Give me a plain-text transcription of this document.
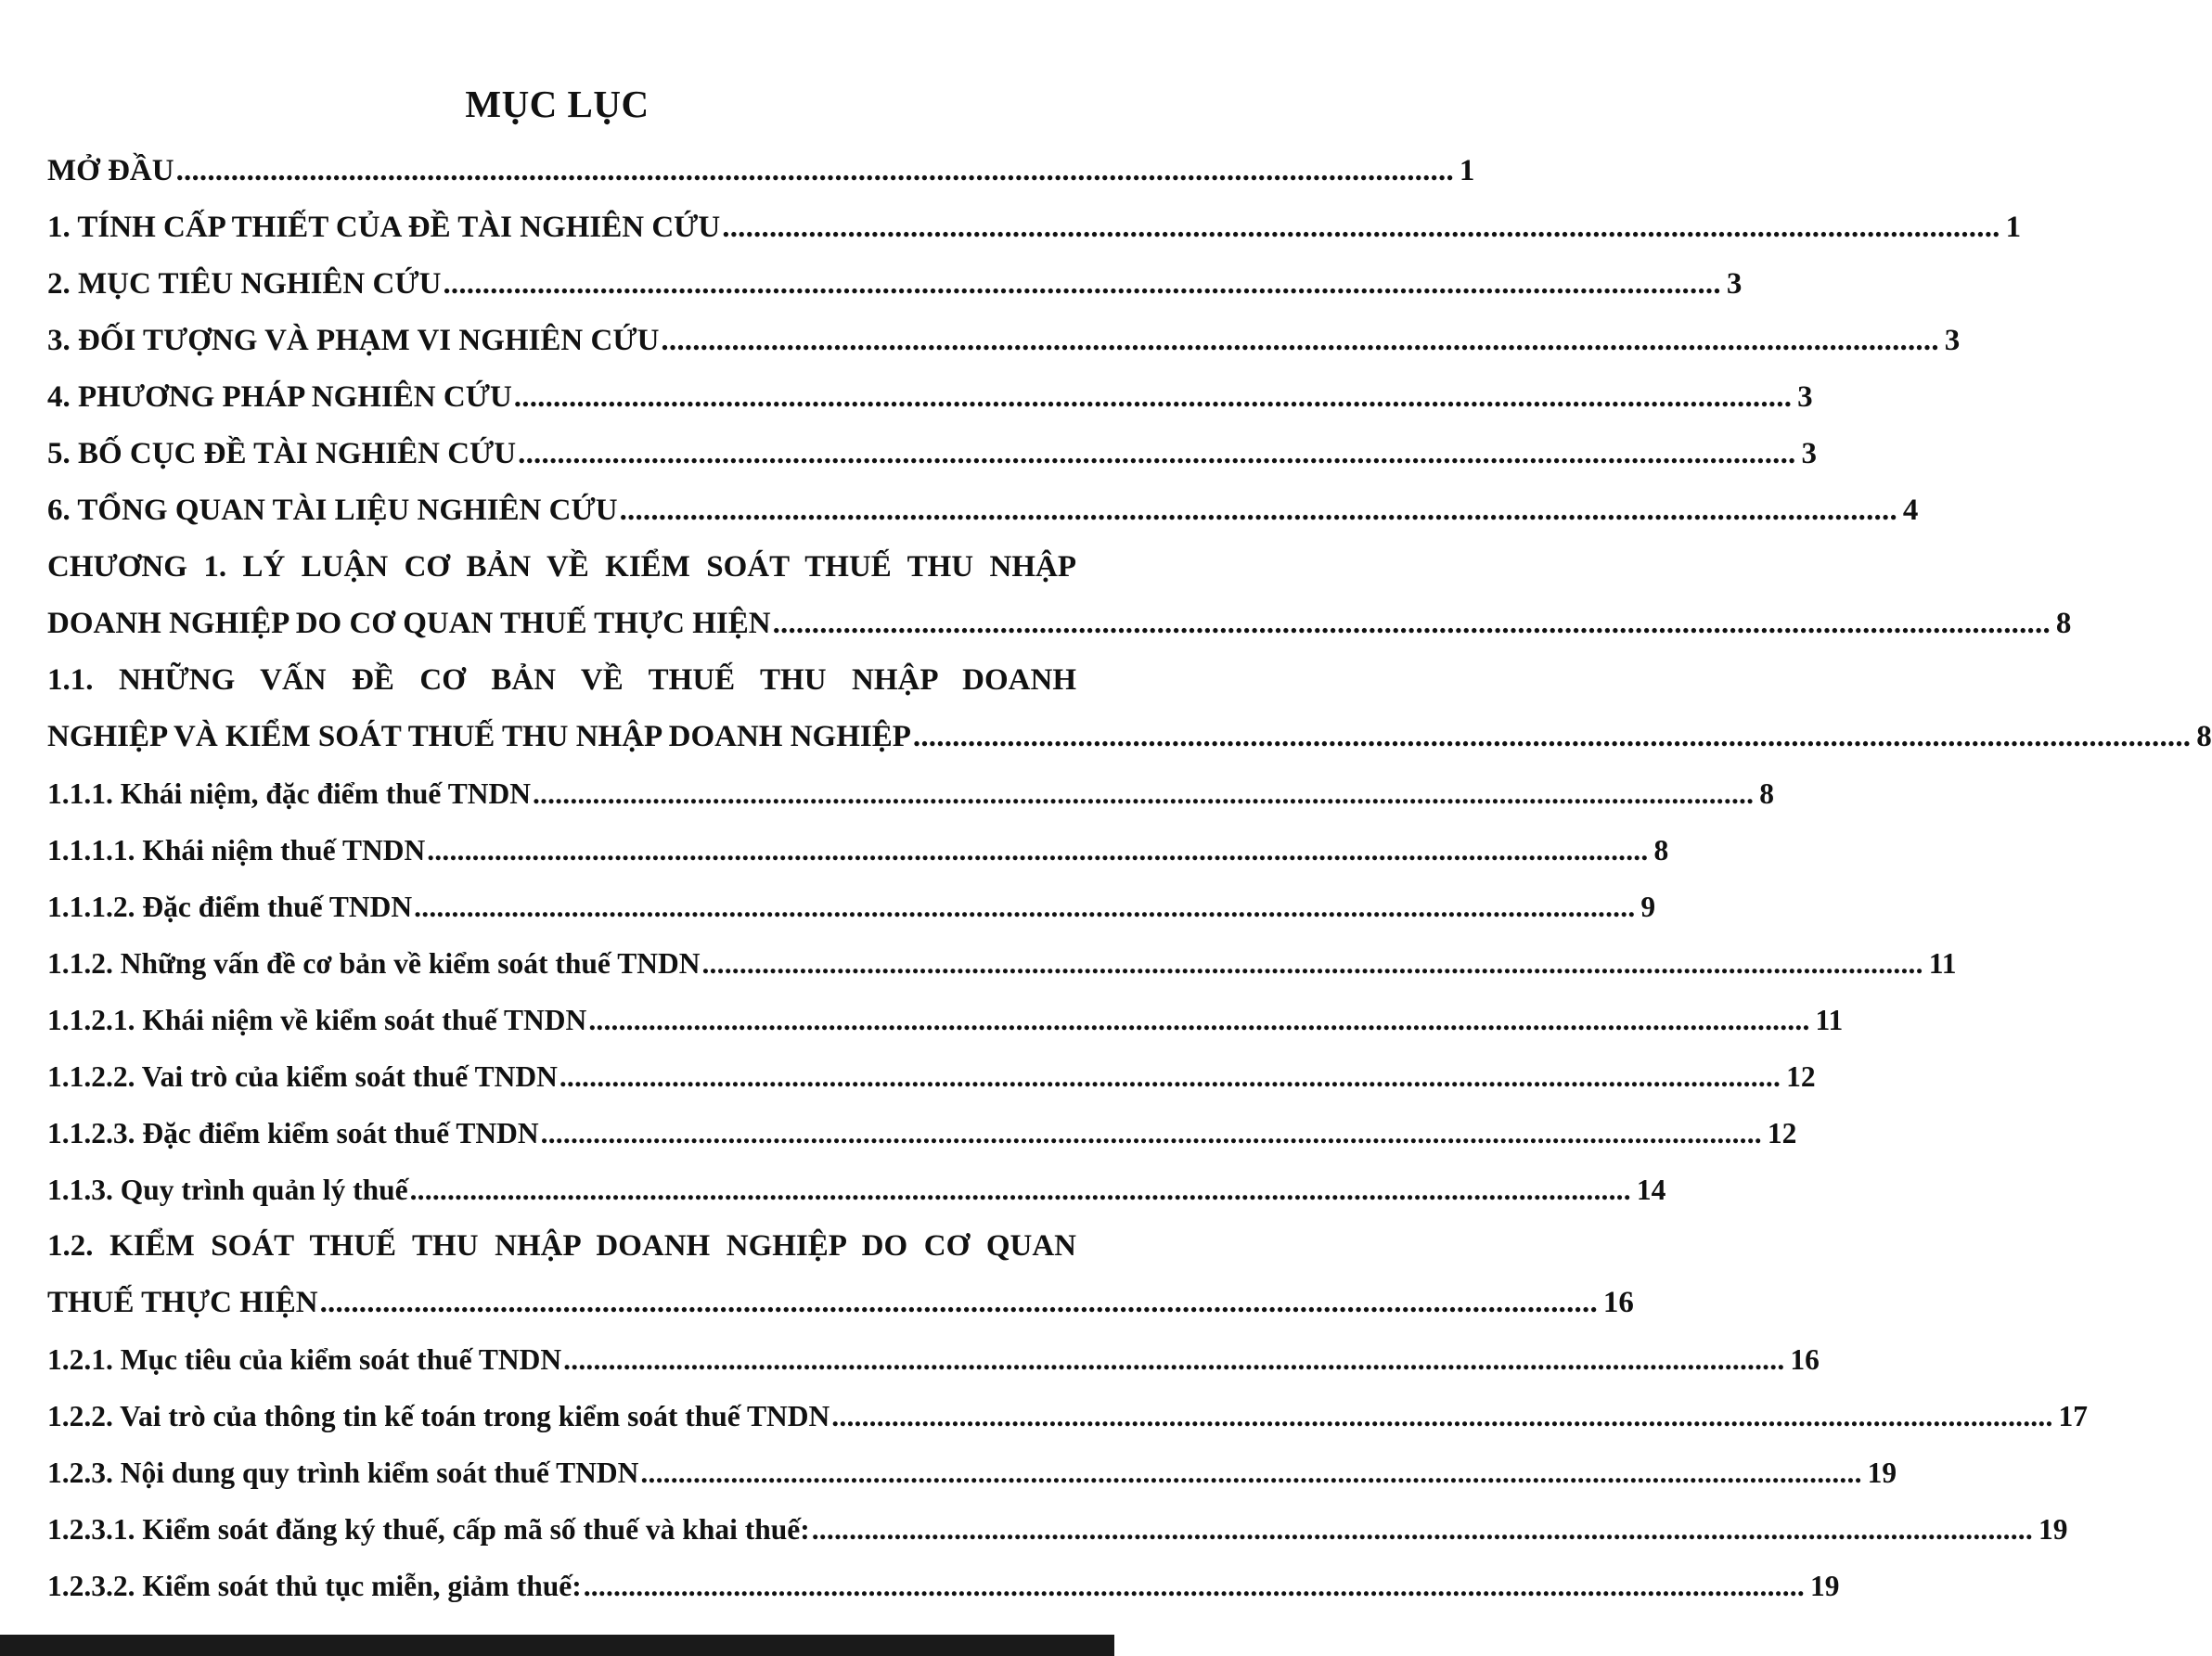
MỤC LỤC
MỞ ĐẦU ................................................................................................................................................................... 1
1. TÍNH CẤP THIẾT CỦA ĐỀ TÀI NGHIÊN CỨU ................................................................................................................................................................... 1
2. MỤC TIÊU NGHIÊN CỨU ................................................................................................................................................................... 3
3. ĐỐI TƯỢNG VÀ PHẠM VI NGHIÊN CỨU ................................................................................................................................................................... 3
4. PHƯƠNG PHÁP NGHIÊN CỨU ................................................................................................................................................................... 3
5. BỐ CỤC ĐỀ TÀI NGHIÊN CỨU ................................................................................................................................................................... 3
6. TỔNG QUAN TÀI LIỆU NGHIÊN CỨU ................................................................................................................................................................... 4
CHƯƠNG 1. LÝ LUẬN CƠ BẢN VỀ KIỂM SOÁT THUẾ THU NHẬP
DOANH NGHIỆP DO CƠ QUAN THUẾ THỰC HIỆN ................................................................................................................................................................... 8
1.1. NHỮNG VẤN ĐỀ CƠ BẢN VỀ THUẾ THU NHẬP DOANH
NGHIỆP VÀ KIỂM SOÁT THUẾ THU NHẬP DOANH NGHIỆP ................................................................................................................................................................... 8
1.1.1. Khái niệm, đặc điểm thuế TNDN ................................................................................................................................................................... 8
1.1.1.1. Khái niệm thuế TNDN ................................................................................................................................................................... 8
1.1.1.2. Đặc điểm thuế TNDN ................................................................................................................................................................... 9
1.1.2. Những vấn đề cơ bản về kiểm soát thuế TNDN ................................................................................................................................................................... 11
1.1.2.1. Khái niệm về kiểm soát thuế TNDN ................................................................................................................................................................... 11
1.1.2.2. Vai trò của kiểm soát thuế TNDN ................................................................................................................................................................... 12
1.1.2.3. Đặc điểm kiểm soát thuế TNDN ................................................................................................................................................................... 12
1.1.3. Quy trình quản lý thuế ................................................................................................................................................................... 14
1.2. KIỂM SOÁT THUẾ THU NHẬP DOANH NGHIỆP DO CƠ QUAN
THUẾ THỰC HIỆN ................................................................................................................................................................... 16
1.2.1. Mục tiêu của kiểm soát thuế TNDN ................................................................................................................................................................... 16
1.2.2. Vai trò của thông tin kế toán trong kiểm soát thuế TNDN ................................................................................................................................................................... 17
1.2.3. Nội dung quy trình kiểm soát thuế TNDN ................................................................................................................................................................... 19
1.2.3.1. Kiểm soát đăng ký thuế, cấp mã số thuế và khai thuế: ................................................................................................................................................................... 19
1.2.3.2. Kiểm soát thủ tục miễn, giảm thuế: ................................................................................................................................................................... 19
